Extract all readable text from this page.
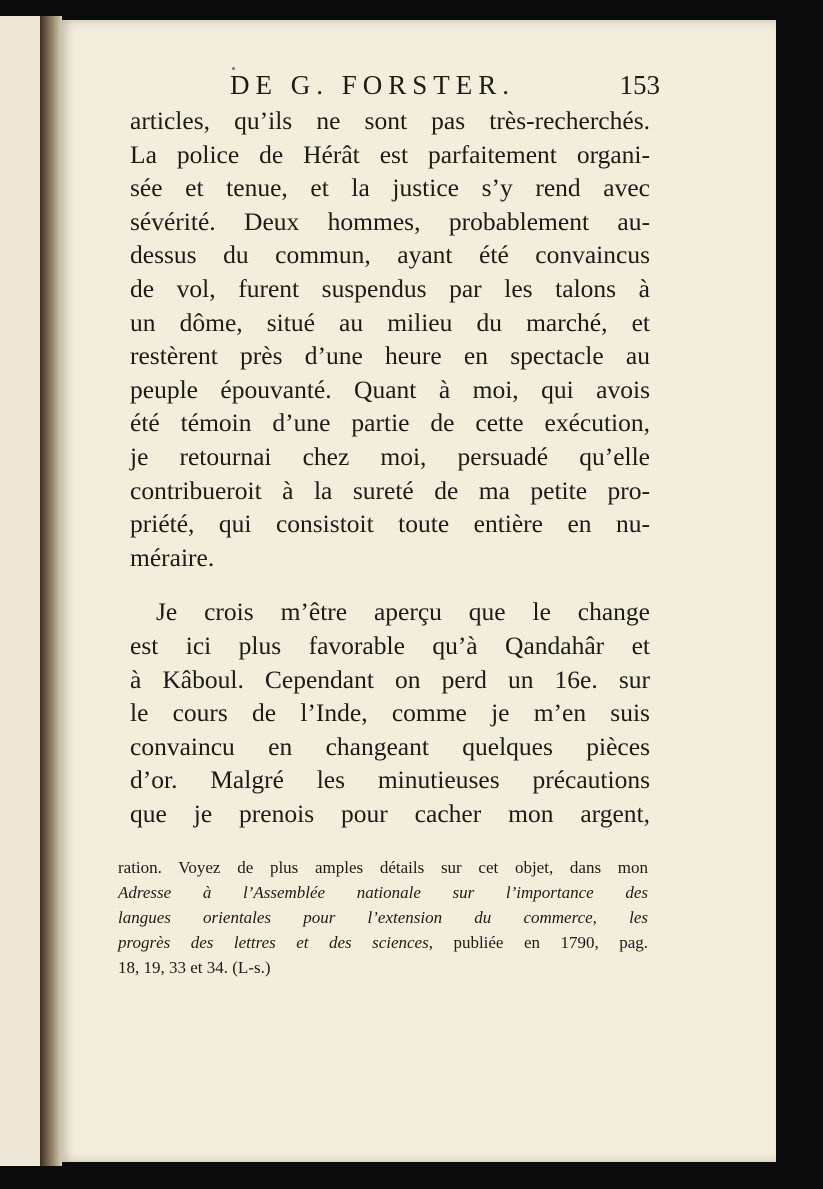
DE G. FORSTER.	153
articles, qu’ils ne sont pas très-recherchés.
La police de Hérât est parfaitement organi-
sée et tenue, et la justice s’y rend avec
sévérité. Deux hommes, probablement au-
dessus du commun, ayant été convaincus
de vol, furent suspendus par les talons à
un dôme, situé au milieu du marché, et
restèrent près d’une heure en spectacle au
peuple épouvanté. Quant à moi, qui avois
été témoin d’une partie de cette exécution,
je retournai chez moi, persuadé qu’elle
contribueroit à la sureté de ma petite pro-
priété, qui consistoit toute entière en nu-
méraire.
Je crois m’être aperçu que le change
est ici plus favorable qu’à Qandahâr et
à Kâboul. Cependant on perd un 16e. sur
le cours de l’Inde, comme je m’en suis
convaincu en changeant quelques pièces
d’or. Malgré les minutieuses précautions
que je prenois pour cacher mon argent,
ration. Voyez de plus amples détails sur cet objet, dans mon
Adresse à l’Assemblée nationale sur l’importance des
langues orientales pour l’extension du commerce, les
progrès des lettres et des sciences, publiée en 1790, pag.
18, 19, 33 et 34. (L-s.)
